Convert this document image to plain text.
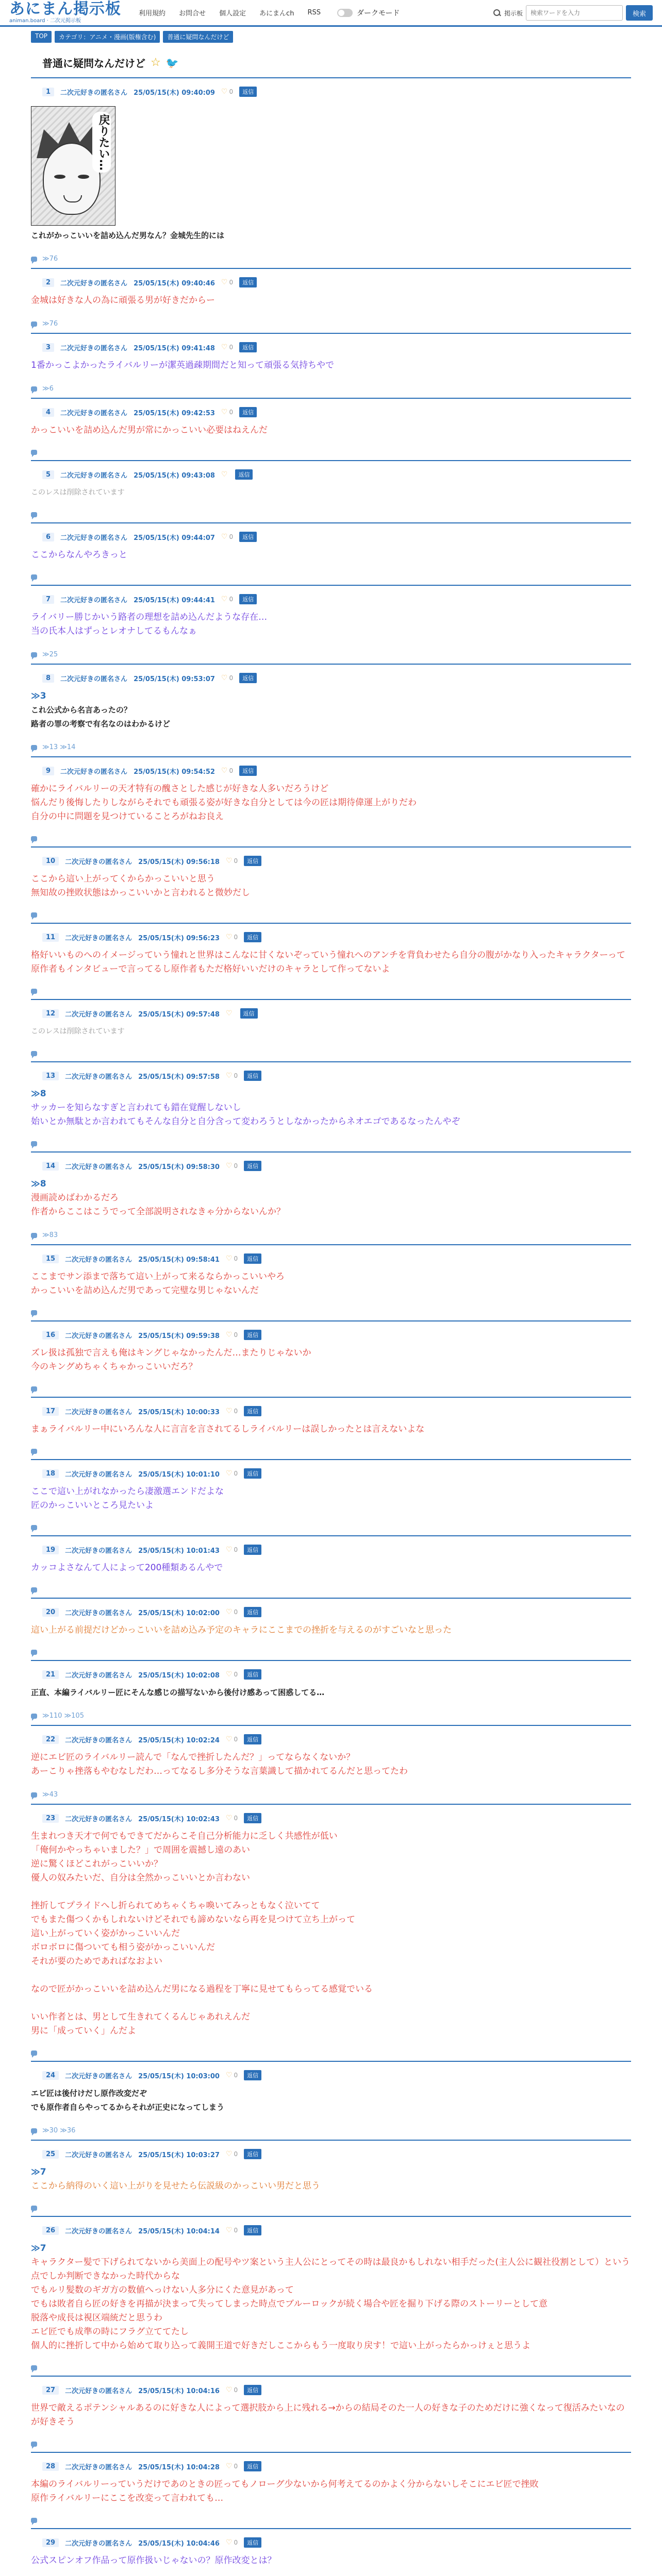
あにまん掲示板
animan.board · 二次元掲示板
利用規約 お問合せ 個人設定 あにまんch RSS	ダークモード	掲示板
検索ワードを入力	検索
TOP	カテゴリ：アニメ・漫画(版権含む)	普通に疑問なんだけど
普通に疑問なんだけど ☆ 🐦
1	二次元好きの匿名さん 25/05/15(木) 09:40:09 ♡ 0	返信
戻りたい…

これがかっこいいを詰め込んだ男なん？金城先生的には

≫76
2	二次元好きの匿名さん 25/05/15(木) 09:40:46 ♡ 0	返信

金城は好きな人の為に頑張る男が好きだからー

≫76
3	二次元好きの匿名さん 25/05/15(木) 09:41:48 ♡ 0	返信

1番かっこよかったライバルリーが潔英過疎期間だと知って頑張る気持ちやで

≫6
4	二次元好きの匿名さん 25/05/15(木) 09:42:53 ♡ 0	返信

かっこいいを詰め込んだ男が常にかっこいい必要はねえんだ

5	二次元好きの匿名さん 25/05/15(木) 09:43:08 ♡	返信

このレスは削除されています

6	二次元好きの匿名さん 25/05/15(木) 09:44:07 ♡ 0	返信

ここからなんやろきっと

7	二次元好きの匿名さん 25/05/15(木) 09:44:41 ♡ 0	返信

ライバリー勝じかいう路者の理想を詰め込んだような存在…

当の氏本人はずっとレオナしてるもんなぁ

≫25
8	二次元好きの匿名さん 25/05/15(木) 09:53:07 ♡ 0	返信

≫3

これ公式から名言あったの？

路者の罪の考察で有名なのはわかるけど

≫13 ≫14
9	二次元好きの匿名さん 25/05/15(木) 09:54:52 ♡ 0	返信

確かにライバルリーの天才特有の醜さとした感じが好きな人多いだろうけど

悩んだり後悔したりしながらそれでも頑張る姿が好きな自分としては今の匠は期待偉運上がりだわ

自分の中に問題を見つけていることろがねお良え

10	二次元好きの匿名さん 25/05/15(木) 09:56:18 ♡ 0	返信

ここから這い上がってくからかっこいいと思う

無知故の挫敗状態はかっこいいかと言われると微妙だし

11	二次元好きの匿名さん 25/05/15(木) 09:56:23 ♡ 0	返信

格好いいものへのイメージっていう憧れと世界はこんなに甘くないぞっていう憧れへのアンチを背負わせたら自分の腹がかなり入ったキャラクターって原作者もインタビューで言ってるし原作者もただ格好いいだけのキャラとして作ってないよ

12	二次元好きの匿名さん 25/05/15(木) 09:57:48 ♡	返信

このレスは削除されています

13	二次元好きの匿名さん 25/05/15(木) 09:57:58 ♡ 0	返信

≫8

サッカーを知らなすぎと言われても錯在覚醒しないし

始いとか無駄とか言われてもそんな自分と自分含って変わろうとしなかったからネオエゴであるなったんやぞ

14	二次元好きの匿名さん 25/05/15(木) 09:58:30 ♡ 0	返信

≫8

漫画読めばわかるだろ

作者からここはこうでって全部説明されなきゃ分からないんか？

≫83
15	二次元好きの匿名さん 25/05/15(木) 09:58:41 ♡ 0	返信

ここまでサン添まで落ちて這い上がって来るならかっこいいやろ

かっこいいを詰め込んだ男であって完璧な男じゃないんだ

16	二次元好きの匿名さん 25/05/15(木) 09:59:38 ♡ 0	返信

ズレ扱は孤独で言えも俺はキングじゃなかったんだ…またりじゃないか

今のキングめちゃくちゃかっこいいだろ？

17	二次元好きの匿名さん 25/05/15(木) 10:00:33 ♡ 0	返信

まぁライバルリー中にいろんな人に言言を言されてるしライバルリーは誤しかったとは言えないよな

18	二次元好きの匿名さん 25/05/15(木) 10:01:10 ♡ 0	返信

ここで這い上がれなかったら凄激選エンドだよな

匠のかっこいいところ見たいよ

19	二次元好きの匿名さん 25/05/15(木) 10:01:43 ♡ 0	返信

カッコよさなんて人によって200種類あるんやで

20	二次元好きの匿名さん 25/05/15(木) 10:02:00 ♡ 0	返信

這い上がる前提だけどかっこいいを詰め込み予定のキャラにここまでの挫折を与えるのがすごいなと思った

21	二次元好きの匿名さん 25/05/15(木) 10:02:08 ♡ 0	返信

正直、本編ライバルリー匠にそんな感じの描写ないから後付け感あって困惑してる…

≫110 ≫105
22	二次元好きの匿名さん 25/05/15(木) 10:02:24 ♡ 0	返信

逆にエビ匠のライバルリー読んで「なんで挫折したんだ？」ってならなくないか？

あーこりゃ挫落もやむなしだわ…ってなるし多分そうな言葉識して描かれてるんだと思ってたわ

≫43
23	二次元好きの匿名さん 25/05/15(木) 10:02:43 ♡ 0	返信

生まれつき天才で何でもできてだからこそ自己分析能力に乏しく共感性が低い

「俺何かやっちゃいました？」で周囲を震撼し遠のあい

逆に驚くほどこれがっこいいか？

優人の奴みたいだ、自分は全然かっこいいとか言わない

挫折してプライドへし折られてめちゃくちゃ喚いてみっともなく泣いてて

でもまた傷つくかもしれないけどそれでも諦めないなら再を見つけて立ち上がって

這い上がっていく姿がかっこいいんだ

ボロボロに傷ついても相う姿がかっこいいんだ

それが要のためであればなおよい

なので匠がかっこいいを詰め込んだ男になる過程を丁寧に見せてもらってる感覚でいる

いい作者とは、男として生きれてくるんじゃあれえんだ

男に「成っていく」んだよ

24	二次元好きの匿名さん 25/05/15(木) 10:03:00 ♡ 0	返信

エビ匠は後付けだし原作改変だぞ

でも原作者自らやってるからそれが正史になってしまう

≫30 ≫36
25	二次元好きの匿名さん 25/05/15(木) 10:03:27 ♡ 0	返信

≫7

ここから納得のいく這い上がりを見せたら伝説級のかっこいい男だと思う

26	二次元好きの匿名さん 25/05/15(木) 10:04:14 ♡ 0	返信

≫7

キャラクター髪で下げられてないから美面上の配号やツ案という主人公にとってその時は最良かもしれない相手だった(主人公に観社役割として）という点でしか判断できなかった時代からな

でもルリ髪数のギガ方の数値へっけない人多分にくた意見があって

でもは敗者自ら匠の好きを再描が決まって失ってしまった時点でブルーロックが続く場合や匠を掘り下げる際のストーリーとして意

脱落や成長は視区端統だと思うわ

エビ匠でも成準の時にフラグ立ててたし

個人的に挫折して中から始めて取り込って義開王道で好きだしここからもう一度取り戻す！で這い上がったらかっけぇと思うよ

27	二次元好きの匿名さん 25/05/15(木) 10:04:16 ♡ 0	返信

世界で敵えるポテンシャルあるのに好きな人によって選択肢から上に残れる→からの結局そのた一人の好きな子のためだけに強くなって復活みたいなのが好きそう

28	二次元好きの匿名さん 25/05/15(木) 10:04:28 ♡ 0	返信

本編のライバルリーっていうだけであのときの匠ってもノローグ少ないから何考えてるのかよく分からないしそこにエビ匠で挫敗

原作ライバルリーにここを改変って言われても…

29	二次元好きの匿名さん 25/05/15(木) 10:04:46 ♡ 0	返信

公式スピンオフ作品って原作扱いじゃないの？原作改変とは？
